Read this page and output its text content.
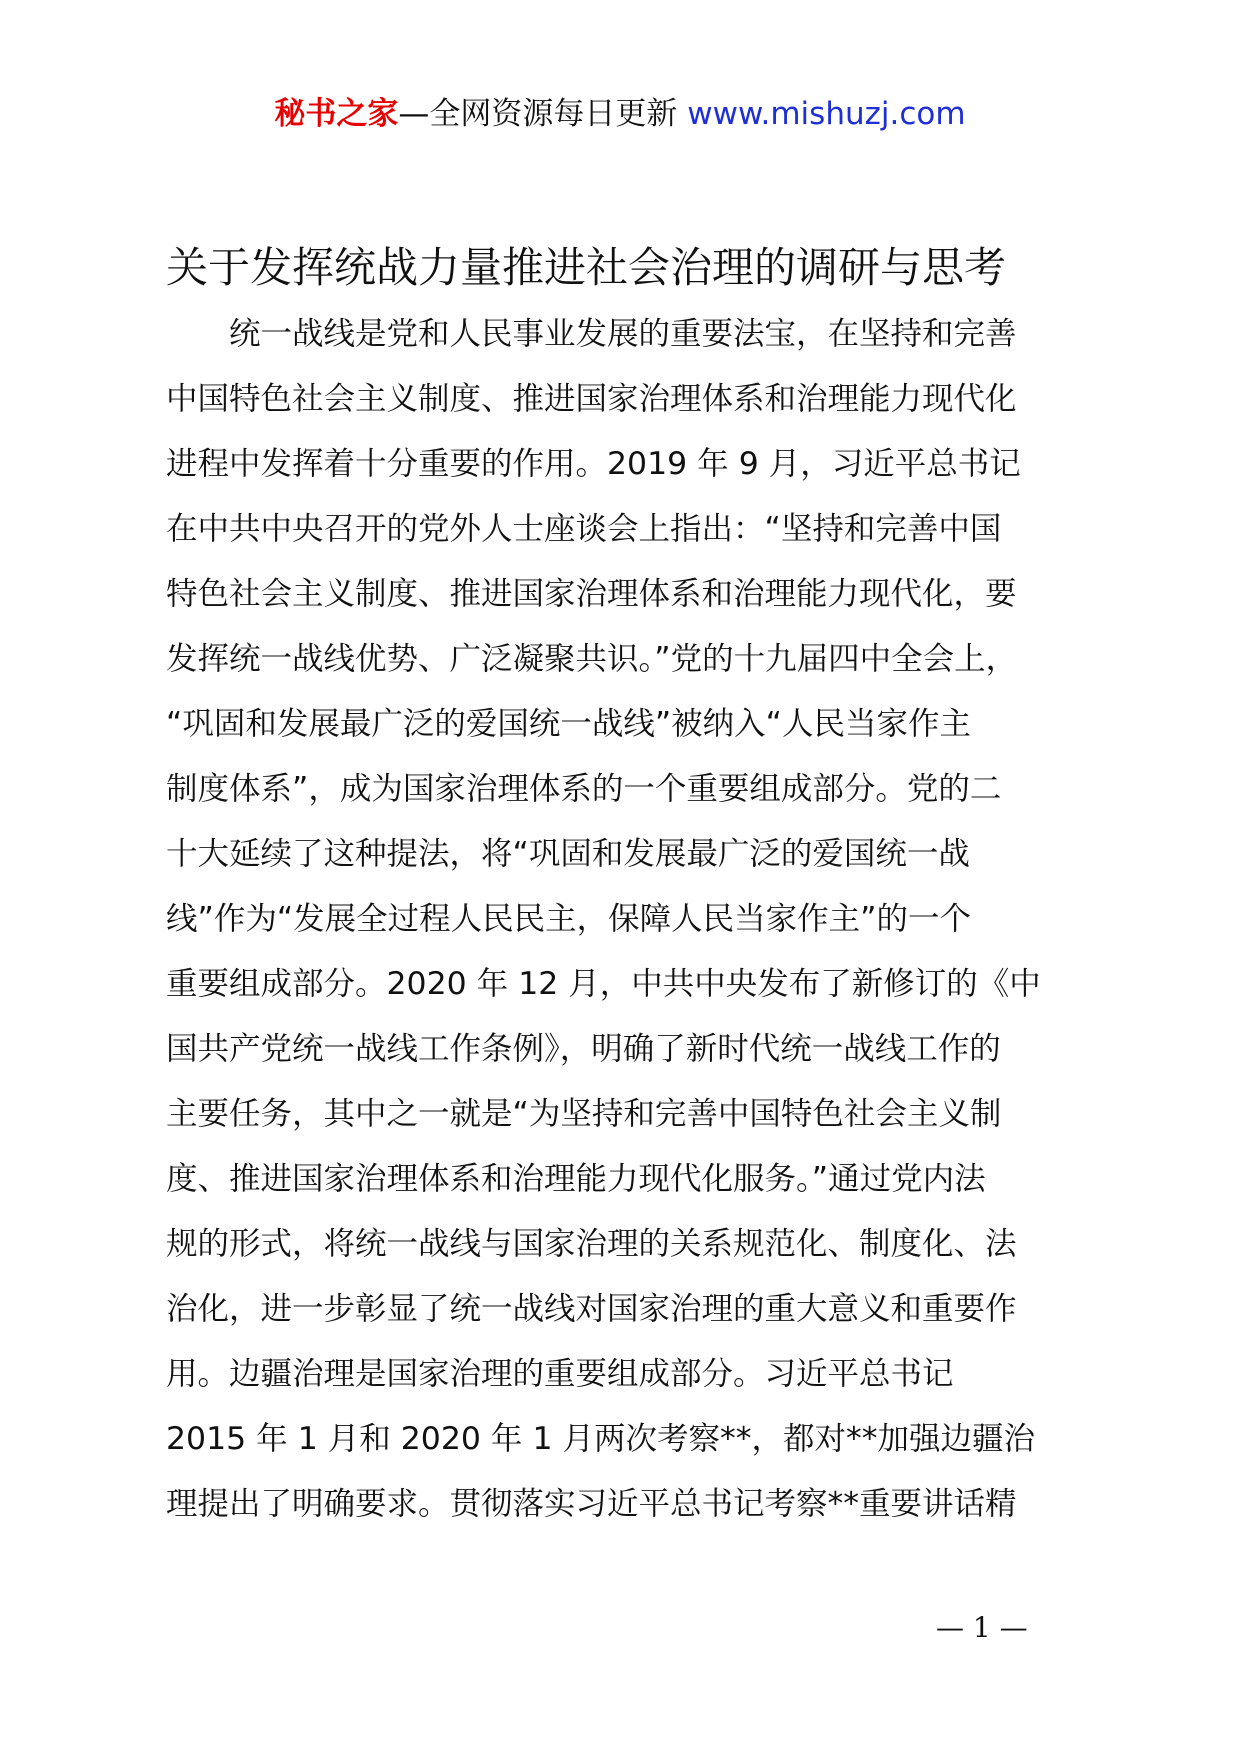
秘书之家—全网资源每日更新 www.mishuzj.com
关于发挥统战力量推进社会治理的调研与思考
　　统一战线是党和人民事业发展的重要法宝，在坚持和完善
中国特色社会主义制度、推进国家治理体系和治理能力现代化
进程中发挥着十分重要的作用。2019 年 9 月，习近平总书记
在中共中央召开的党外人士座谈会上指出：“坚持和完善中国
特色社会主义制度、推进国家治理体系和治理能力现代化，要
发挥统一战线优势、广泛凝聚共识。”党的十九届四中全会上，
“巩固和发展最广泛的爱国统一战线”被纳入“人民当家作主
制度体系”，成为国家治理体系的一个重要组成部分。党的二
十大延续了这种提法，将“巩固和发展最广泛的爱国统一战
线”作为“发展全过程人民民主，保障人民当家作主”的一个
重要组成部分。2020 年 12 月，中共中央发布了新修订的《中
国共产党统一战线工作条例》，明确了新时代统一战线工作的
主要任务，其中之一就是“为坚持和完善中国特色社会主义制
度、推进国家治理体系和治理能力现代化服务。”通过党内法
规的形式，将统一战线与国家治理的关系规范化、制度化、法
治化，进一步彰显了统一战线对国家治理的重大意义和重要作
用。边疆治理是国家治理的重要组成部分。习近平总书记
2015 年 1 月和 2020 年 1 月两次考察**，都对**加强边疆治
理提出了明确要求。贯彻落实习近平总书记考察**重要讲话精
— 1 —
